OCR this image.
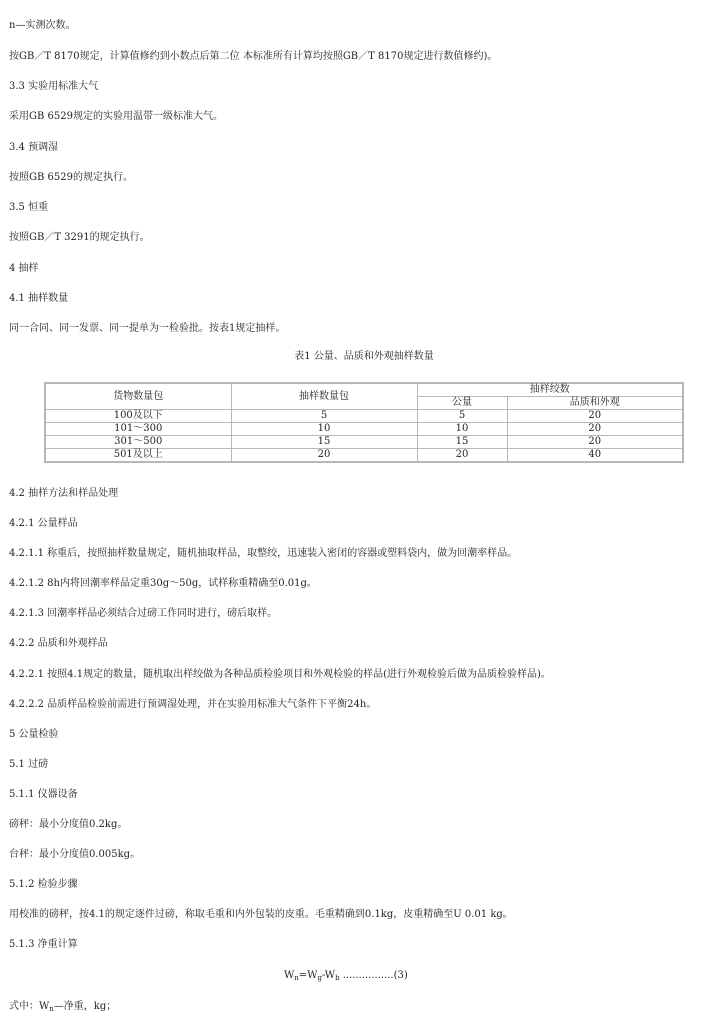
n—实测次数。
按GB／T 8170规定，计算值修约到小数点后第二位 本标准所有计算均按照GB／T 8170规定进行数值修约)。
3.3 实验用标准大气
采用GB 6529规定的实验用温带一级标准大气。
3.4 预调湿
按照GB 6529的规定执行。
3.5 恒重
按照GB／T 3291的规定执行。
4 抽样
4.1 抽样数量
同一合同、同一发票、同一提单为一检验批。按表1规定抽样。
表1 公量、品质和外观抽样数量
货物数量包	抽样数量包	抽样绞数	
		公量	品质和外观
100及以下	5	5	20
101～300	10	10	20
301～500	15	15	20
501及以上	20	20	40
4.2 抽样方法和样品处理
4.2.1 公量样品
4.2.1.1 称重后，按照抽样数量规定，随机抽取样品，取整绞，迅速装入密闭的容器或塑料袋内，做为回潮率样品。
4.2.1.2 8h内将回潮率样品定重30g～50g，试样称重精确至0.01g。
4.2.1.3 回潮率样品必须结合过磅工作同时进行，磅后取样。
4.2.2 品质和外观样品
4.2.2.1 按照4.1规定的数量，随机取出样绞做为各种品质检验项目和外观检验的样品(进行外观检验后做为品质检验样品)。
4.2.2.2 品质样品检验前需进行预调湿处理，并在实验用标准大气条件下平衡24h。
5 公量检验
5.1 过磅
5.1.1 仪器设备
磅秤：最小分度值0.2kg。
台秤：最小分度值0.005kg。
5.1.2 检验步骤
用校准的磅秤，按4.1的规定逐件过磅，称取毛重和内外包装的皮重。毛重精确到0.1kg，皮重精确至U 0.01 kg。
5.1.3 净重计算
$W_n=W_g-W_b$ ................(3)
式中：$W_n—$净重，kg；
